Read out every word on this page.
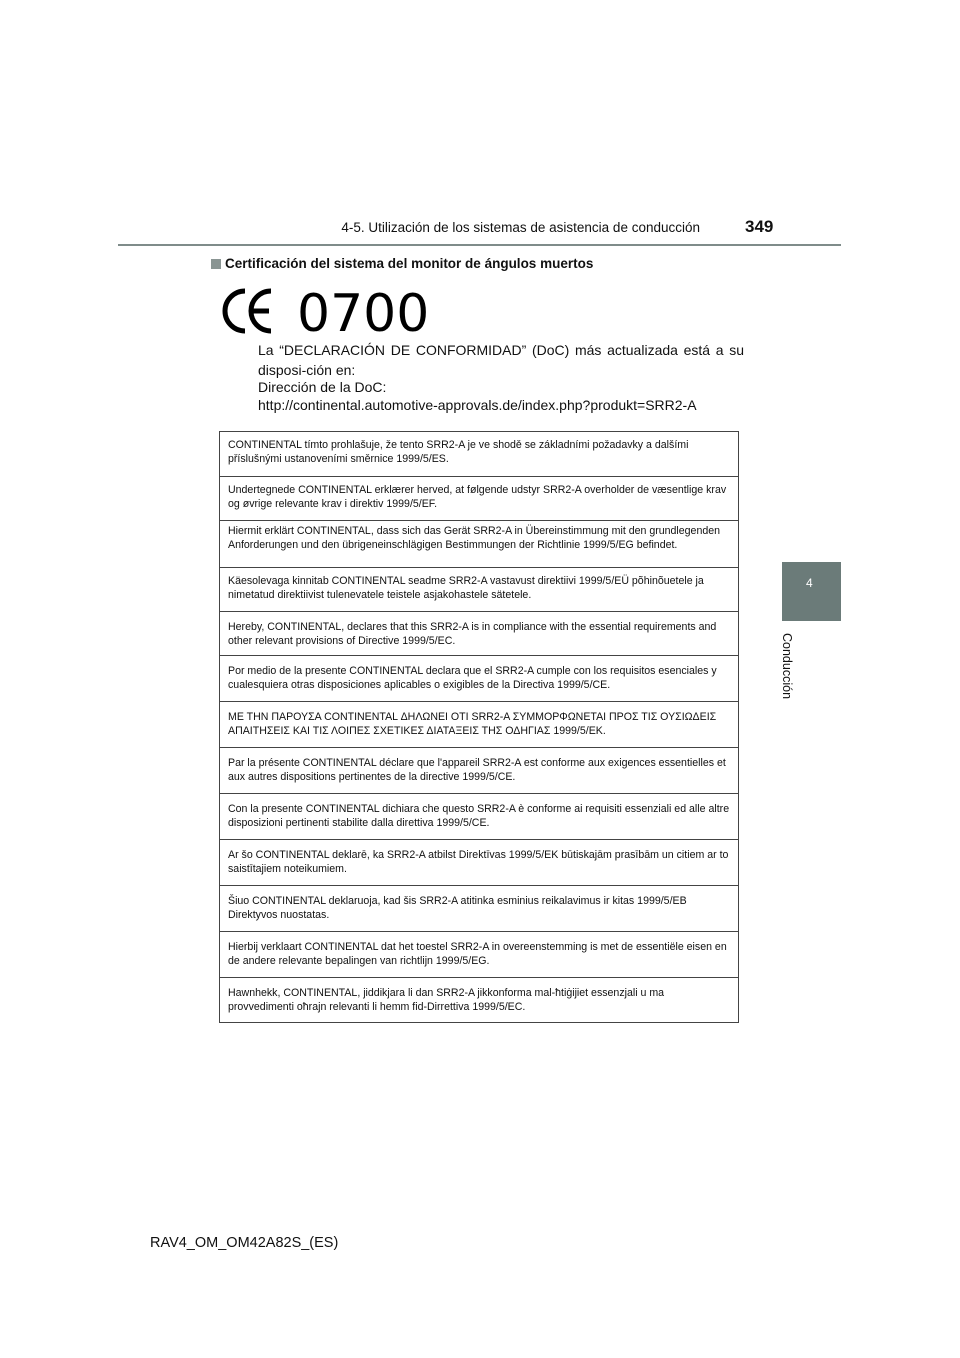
4-5. Utilización de los sistemas de asistencia de conducción	349
4
Conducción
Certificación del sistema del monitor de ángulos muertos
0700
La “DECLARACIÓN DE CONFORMIDAD” (DoC) más actualizada está a su disposi-ción en:
Dirección de la DoC:
http://continental.automotive-approvals.de/index.php?produkt=SRR2-A
CONTINENTAL tímto prohlašuje, že tento SRR2-A je ve shodě se základními požadavky a dalšími příslušnými ustanoveními směrnice 1999/5/ES.
Undertegnede CONTINENTAL erklærer herved, at følgende udstyr SRR2-A overholder de væsentlige krav og øvrige relevante krav i direktiv 1999/5/EF.
Hiermit erklärt CONTINENTAL, dass sich das Gerät SRR2-A in Übereinstimmung mit den grundlegenden Anforderungen und den übrigeneinschlägigen Bestimmungen der Richtlinie 1999/5/EG befindet.
Käesolevaga kinnitab CONTINENTAL seadme SRR2-A vastavust direktiivi 1999/5/EÜ põhinõuetele ja nimetatud direktiivist tulenevatele teistele asjakohastele sätetele.
Hereby, CONTINENTAL, declares that this SRR2-A is in compliance with the essential requirements and other relevant provisions of Directive 1999/5/EC.
Por medio de la presente CONTINENTAL declara que el SRR2-A cumple con los requisitos esenciales y cualesquiera otras disposiciones aplicables o exigibles de la Directiva 1999/5/CE.
ΜΕ ΤΗΝ ΠΑΡΟΥΣΑ CONTINENTAL ΔΗΛΩΝΕΙ ΟΤΙ SRR2-A ΣΥΜΜΟΡΦΩΝΕΤΑΙ ΠΡΟΣ ΤΙΣ ΟΥΣΙΩΔΕΙΣ ΑΠΑΙΤΗΣΕΙΣ ΚΑΙ ΤΙΣ ΛΟΙΠΕΣ ΣΧΕΤΙΚΕΣ ΔΙΑΤΑΞΕΙΣ ΤΗΣ ΟΔΗΓΙΑΣ 1999/5/ΕΚ.
Par la présente CONTINENTAL déclare que l'appareil SRR2-A est conforme aux exigences essentielles et aux autres dispositions pertinentes de la directive 1999/5/CE.
Con la presente CONTINENTAL dichiara che questo SRR2-A è conforme ai requisiti essenziali ed alle altre disposizioni pertinenti stabilite dalla direttiva 1999/5/CE.
Ar šo CONTINENTAL deklarē, ka SRR2-A atbilst Direktīvas 1999/5/EK būtiskajām prasībām un citiem ar to saistītajiem noteikumiem.
Šiuo CONTINENTAL deklaruoja, kad šis SRR2-A atitinka esminius reikalavimus ir kitas 1999/5/EB Direktyvos nuostatas.
Hierbij verklaart CONTINENTAL dat het toestel SRR2-A in overeenstemming is met de essentiële eisen en de andere relevante bepalingen van richtlijn 1999/5/EG.
Hawnhekk, CONTINENTAL, jiddikjara li dan SRR2-A jikkonforma mal-ħtiġijiet essenzjali u ma provvedimenti oħrajn relevanti li hemm fid-Dirrettiva 1999/5/EC.
RAV4_OM_OM42A82S_(ES)
